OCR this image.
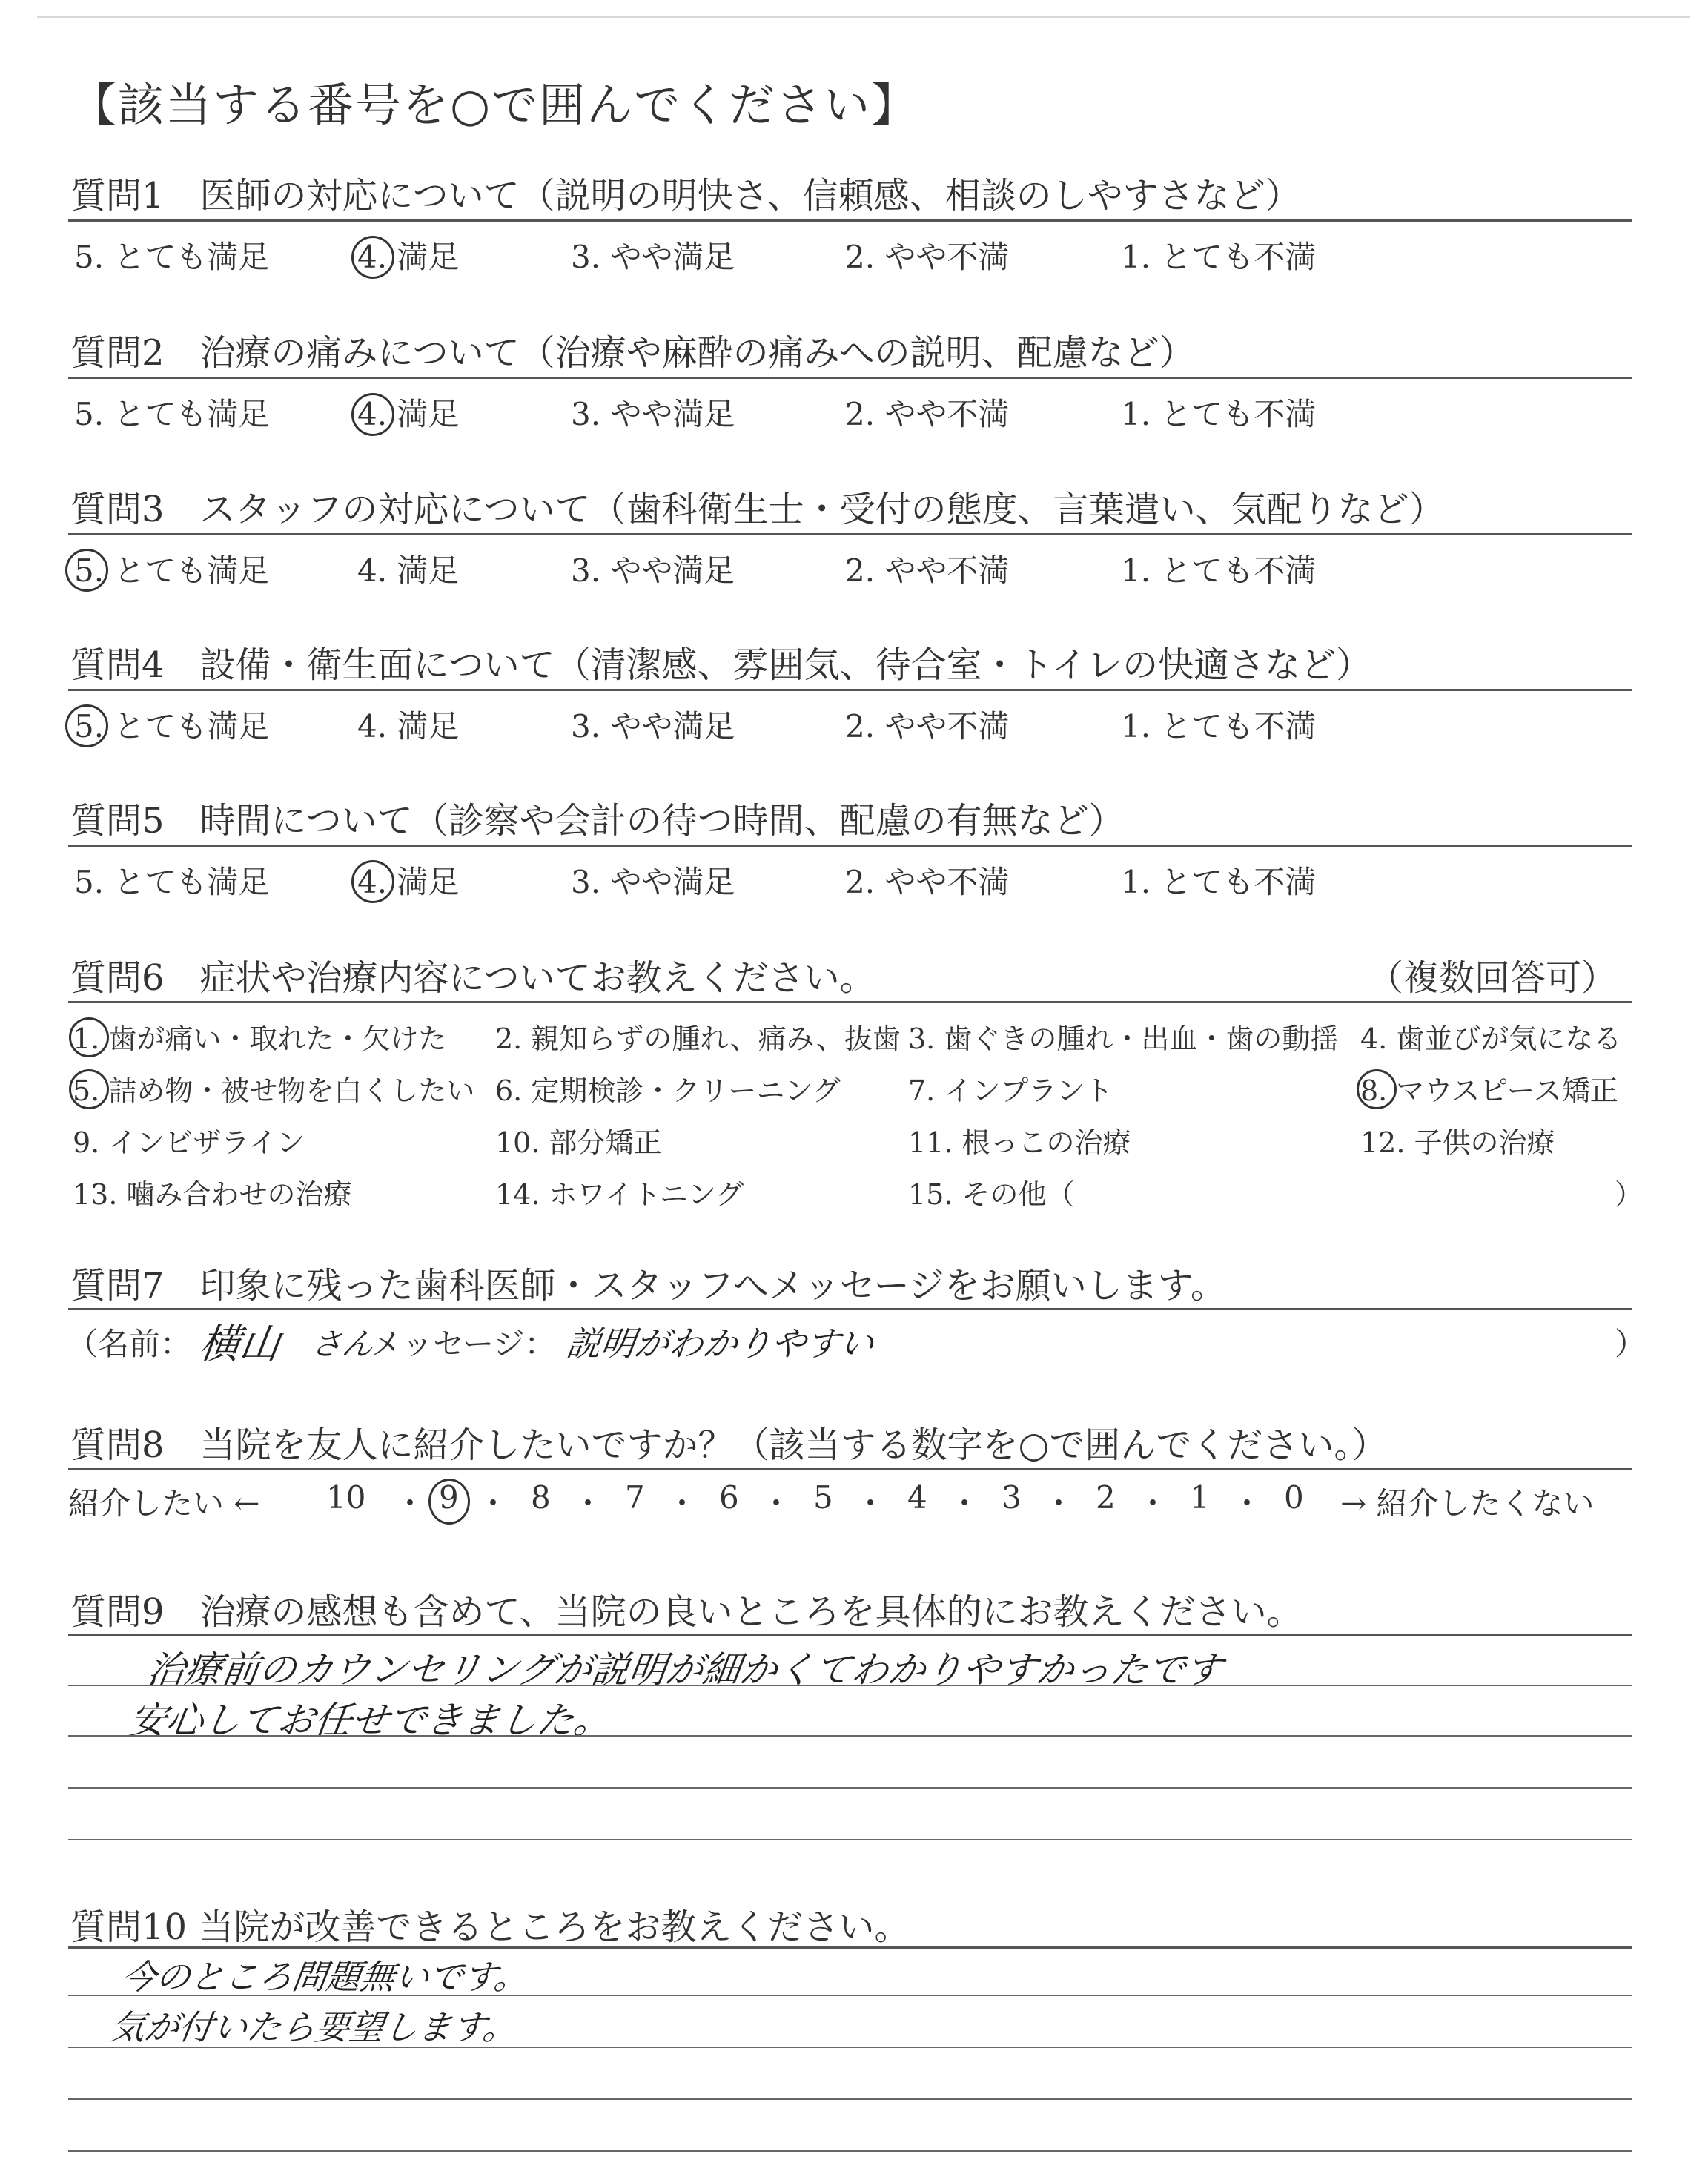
【該当する番号を○で囲んでください】
質問1　医師の対応について（説明の明快さ、信頼感、相談のしやすさなど）
5. とても満足	4. 満足	3. やや満足	2. やや不満	1. とても不満
質問2　治療の痛みについて（治療や麻酔の痛みへの説明、配慮など）
5. とても満足	4. 満足	3. やや満足	2. やや不満	1. とても不満
質問3　スタッフの対応について（歯科衛生士・受付の態度、言葉遣い、気配りなど）
5. とても満足	4. 満足	3. やや満足	2. やや不満	1. とても不満
質問4　設備・衛生面について（清潔感、雰囲気、待合室・トイレの快適さなど）
5. とても満足	4. 満足	3. やや満足	2. やや不満	1. とても不満
質問5　時間について（診察や会計の待つ時間、配慮の有無など）
5. とても満足	4. 満足	3. やや満足	2. やや不満	1. とても不満
質問6　症状や治療内容についてお教えください。	（複数回答可）
1. 歯が痛い・取れた・欠けた 2. 親知らずの腫れ、痛み、抜歯 3. 歯ぐきの腫れ・出血・歯の動揺 4. 歯並びが気になる
5. 詰め物・被せ物を白くしたい 6. 定期検診・クリーニング 7. インプラント	8. マウスピース矯正
9. インビザライン	10. 部分矯正	11. 根っこの治療	12. 子供の治療
13. 噛み合わせの治療	14. ホワイトニング	15. その他（	）
質問7　印象に残った歯科医師・スタッフへメッセージをお願いします。
（名前： 横山 さん
メッセージ： 説明がわかりやすい	）
質問8　当院を友人に紹介したいですか？（該当する数字を○で囲んでください。）
紹介したい ←	→ 紹介したくない
10 ・ 9 ・ 8 ・ 7 ・ 6 ・ 5 ・ 4 ・ 3 ・ 2 ・ 1 ・ 0
質問9　治療の感想も含めて、当院の良いところを具体的にお教えください。
治療前のカウンセリングが説明が細かくてわかりやすかったです
安心してお任せできました。
質問10 当院が改善できるところをお教えください。
今のところ問題無いです。
気が付いたら要望します。
